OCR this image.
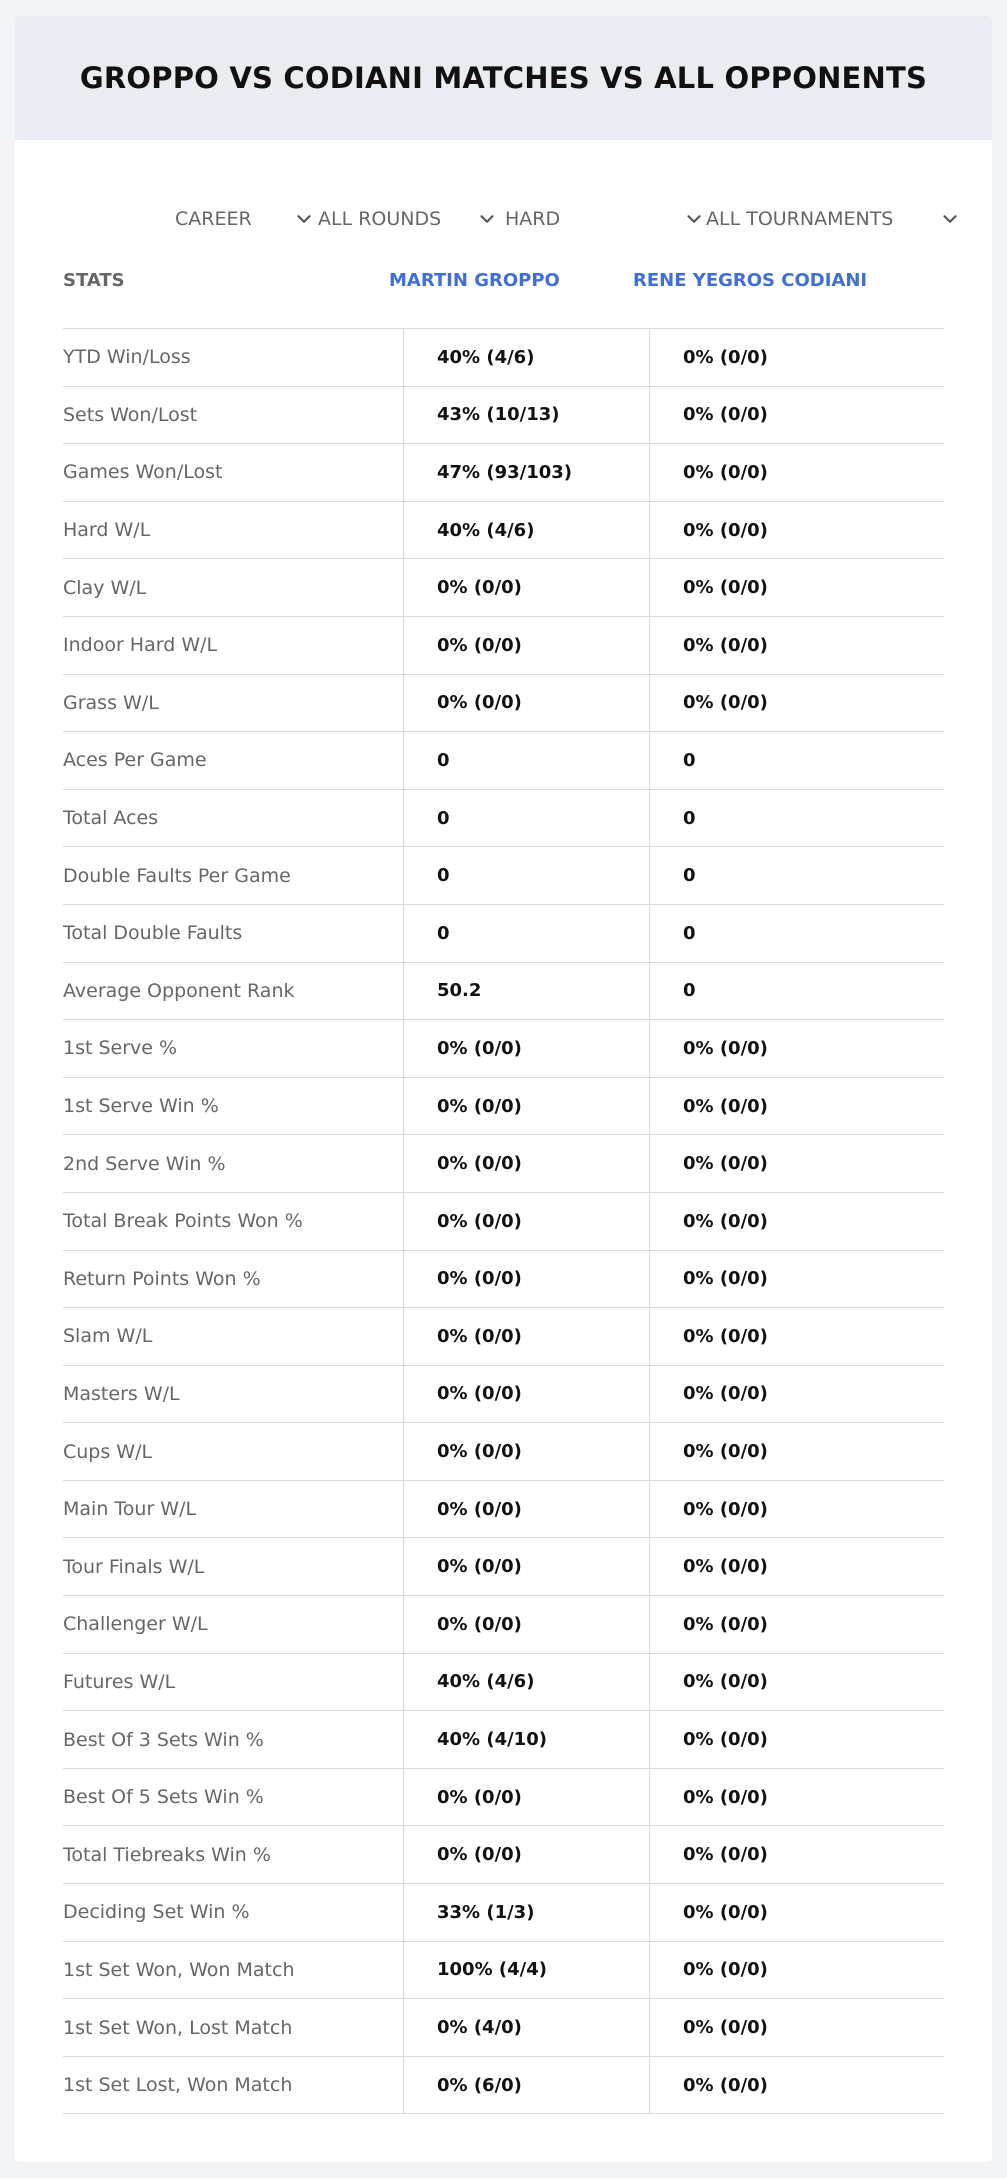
GROPPO VS CODIANI MATCHES VS ALL OPPONENTS
CAREER	ALL ROUNDS	HARD	ALL TOURNAMENTS
STATS	MARTIN GROPPO	RENE YEGROS CODIANI
YTD Win/Loss	40% (4/6)	0% (0/0)
Sets Won/Lost	43% (10/13)	0% (0/0)
Games Won/Lost	47% (93/103)	0% (0/0)
Hard W/L	40% (4/6)	0% (0/0)
Clay W/L	0% (0/0)	0% (0/0)
Indoor Hard W/L	0% (0/0)	0% (0/0)
Grass W/L	0% (0/0)	0% (0/0)
Aces Per Game	0	0
Total Aces	0	0
Double Faults Per Game	0	0
Total Double Faults	0	0
Average Opponent Rank	50.2	0
1st Serve %	0% (0/0)	0% (0/0)
1st Serve Win %	0% (0/0)	0% (0/0)
2nd Serve Win %	0% (0/0)	0% (0/0)
Total Break Points Won %	0% (0/0)	0% (0/0)
Return Points Won %	0% (0/0)	0% (0/0)
Slam W/L	0% (0/0)	0% (0/0)
Masters W/L	0% (0/0)	0% (0/0)
Cups W/L	0% (0/0)	0% (0/0)
Main Tour W/L	0% (0/0)	0% (0/0)
Tour Finals W/L	0% (0/0)	0% (0/0)
Challenger W/L	0% (0/0)	0% (0/0)
Futures W/L	40% (4/6)	0% (0/0)
Best Of 3 Sets Win %	40% (4/10)	0% (0/0)
Best Of 5 Sets Win %	0% (0/0)	0% (0/0)
Total Tiebreaks Win %	0% (0/0)	0% (0/0)
Deciding Set Win %	33% (1/3)	0% (0/0)
1st Set Won, Won Match	100% (4/4)	0% (0/0)
1st Set Won, Lost Match	0% (4/0)	0% (0/0)
1st Set Lost, Won Match	0% (6/0)	0% (0/0)
